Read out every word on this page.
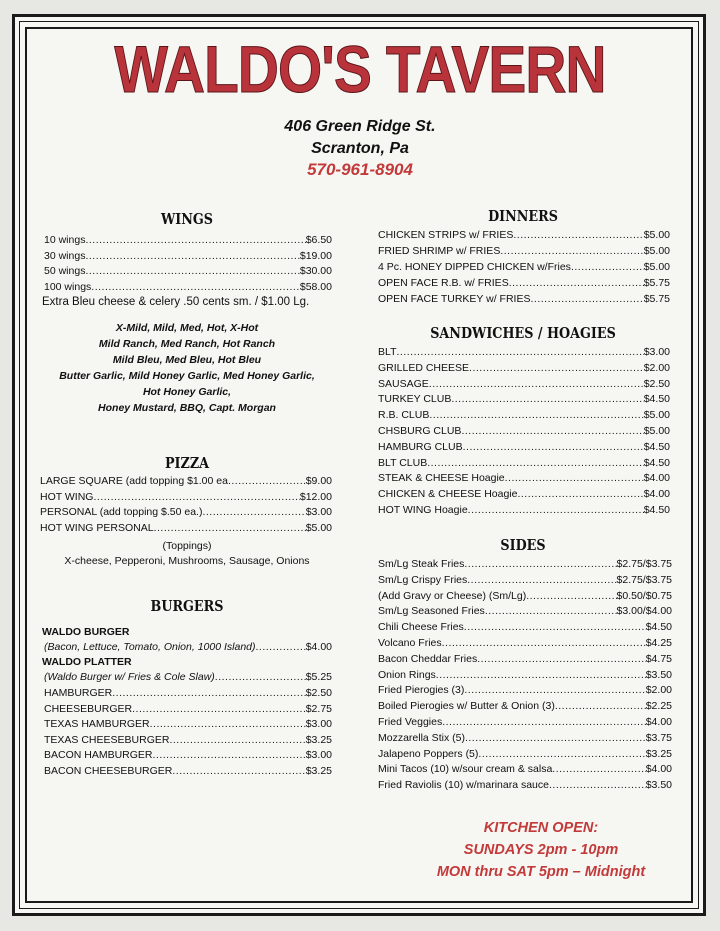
WALDO'S TAVERN
406 Green Ridge St.
Scranton, Pa
570-961-8904
WINGS
10 wings .....	$6.50
30 wings .....	$19.00
50 wings .....	$30.00
100 wings .....	$58.00
Extra Bleu cheese & celery .50 cents sm. / $1.00 Lg.
X-Mild, Mild, Med, Hot, X-Hot
Mild Ranch, Med Ranch, Hot Ranch
Mild Bleu, Med Bleu, Hot Bleu
Butter Garlic, Mild Honey Garlic, Med Honey Garlic,
Hot Honey Garlic,
Honey Mustard, BBQ, Capt. Morgan
PIZZA
LARGE SQUARE (add topping $1.00 ea .....	$9.00
HOT WING .....	$12.00
PERSONAL (add topping $.50 ea.) .....	$3.00
HOT WING PERSONAL .....	$5.00
(Toppings)
X-cheese, Pepperoni, Mushrooms, Sausage, Onions
BURGERS
WALDO BURGER
(Bacon, Lettuce, Tomato, Onion, 1000 Island) .....	$4.00
WALDO PLATTER
(Waldo Burger w/ Fries & Cole Slaw) .....	$5.25
HAMBURGER .....	$2.50
CHEESEBURGER .....	$2.75
TEXAS HAMBURGER .....	$3.00
TEXAS CHEESEBURGER .....	$3.25
BACON HAMBURGER .....	$3.00
BACON CHEESEBURGER .....	$3.25
DINNERS
CHICKEN STRIPS w/ FRIES .....	$5.00
FRIED SHRIMP w/ FRIES .....	$5.00
4 Pc. HONEY DIPPED CHICKEN w/Fries .....	$5.00
OPEN FACE R.B. w/ FRIES .....	$5.75
OPEN FACE TURKEY w/ FRIES .....	$5.75
SANDWICHES / HOAGIES
BLT .....	$3.00
GRILLED CHEESE .....	$2.00
SAUSAGE .....	$2.50
TURKEY CLUB .....	$4.50
R.B. CLUB .....	$5.00
CHSBURG CLUB .....	$5.00
HAMBURG CLUB .....	$4.50
BLT CLUB .....	$4.50
STEAK & CHEESE Hoagie .....	$4.00
CHICKEN & CHEESE Hoagie .....	$4.00
HOT WING Hoagie .....	$4.50
SIDES
Sm/Lg Steak Fries .....	$2.75/$3.75
Sm/Lg Crispy Fries .....	$2.75/$3.75
(Add Gravy or Cheese) (Sm/Lg) .....	$0.50/$0.75
Sm/Lg Seasoned Fries .....	$3.00/$4.00
Chili Cheese Fries .....	$4.50
Volcano Fries .....	$4.25
Bacon Cheddar Fries .....	$4.75
Onion Rings .....	$3.50
Fried Pierogies (3) .....	$2.00
Boiled Pierogies w/ Butter & Onion (3) .....	$2.25
Fried Veggies .....	$4.00
Mozzarella Stix (5) .....	$3.75
Jalapeno Poppers (5) .....	$3.25
Mini Tacos (10) w/sour cream & salsa .....	$4.00
Fried Raviolis (10) w/marinara sauce .....	$3.50
KITCHEN OPEN:
SUNDAYS 2pm - 10pm
MON thru SAT 5pm – Midnight
